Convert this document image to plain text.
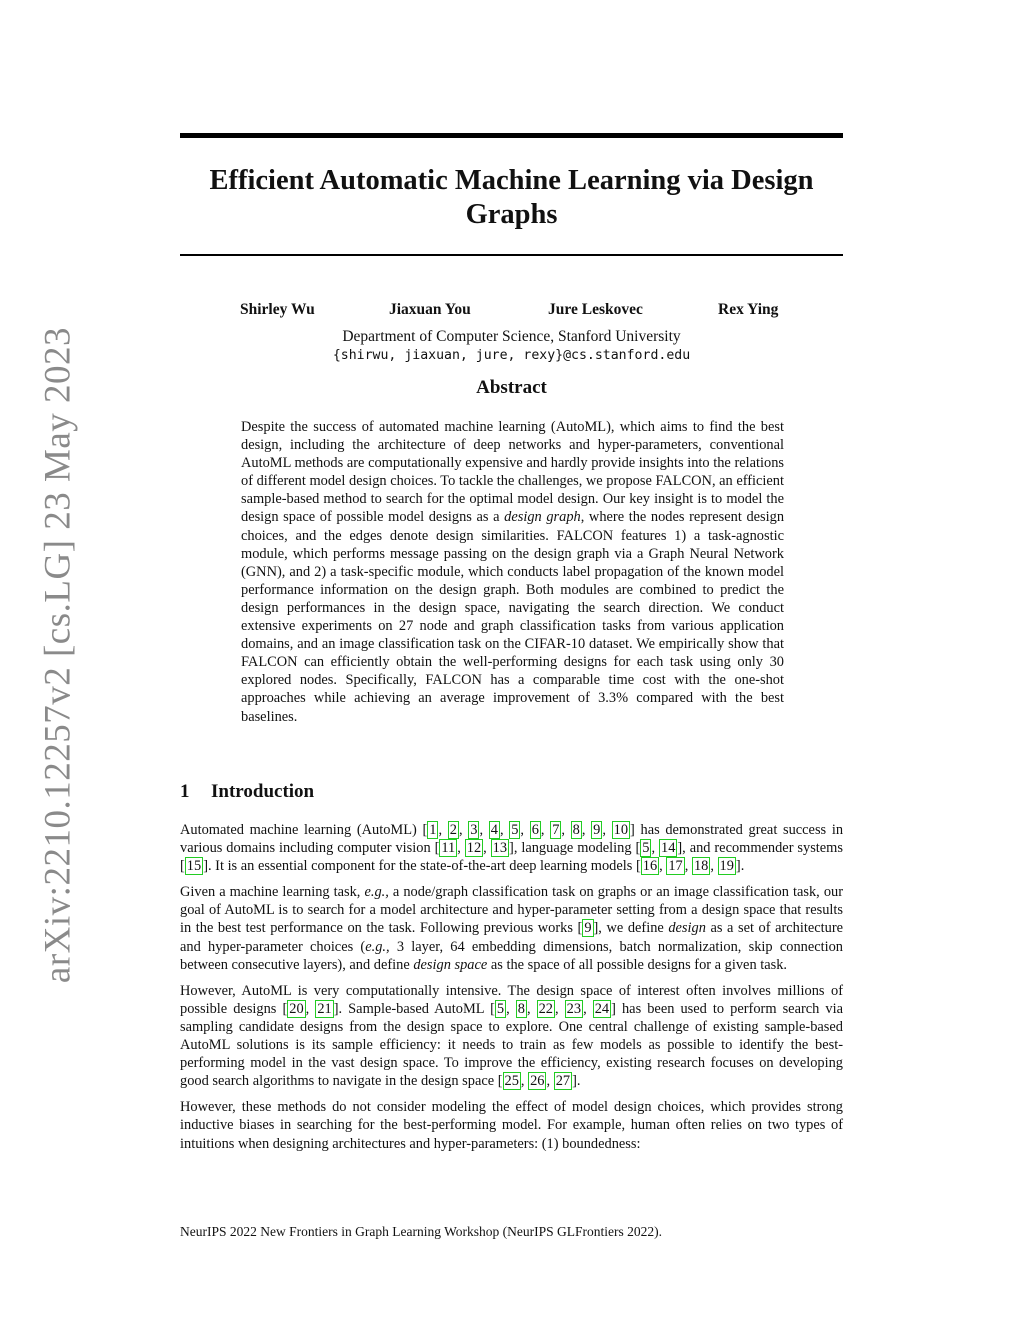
arXiv:2210.12257v2 [cs.LG] 23 May 2023
Efficient Automatic Machine Learning via Design
Graphs
Shirley Wu	Jiaxuan You	Jure Leskovec	Rex Ying
Department of Computer Science, Stanford University
{shirwu, jiaxuan, jure, rexy}@cs.stanford.edu
Abstract

Despite the success of automated machine learning (AutoML), which aims to find the best design, including the architecture of deep networks and hyper-parameters, conventional AutoML methods are computationally expensive and hardly provide insights into the relations of different model design choices. To tackle the challenges, we propose FALCON, an efficient sample-based method to search for the optimal model design. Our key insight is to model the design space of possible model designs as a design graph, where the nodes represent design choices, and the edges denote design similarities. FALCON features 1) a task-agnostic module, which performs message passing on the design graph via a Graph Neural Network (GNN), and 2) a task-specific module, which conducts label propagation of the known model performance information on the design graph. Both modules are combined to predict the design performances in the design space, navigating the search direction. We conduct extensive experiments on 27 node and graph classification tasks from various application domains, and an image classification task on the CIFAR-10 dataset. We empirically show that FALCON can efficiently obtain the well-performing designs for each task using only 30 explored nodes. Specifically, FALCON has a comparable time cost with the one-shot approaches while achieving an average improvement of 3.3% compared with the best baselines.

1 Introduction

Automated machine learning (AutoML) [ 1 , 2 , 3 , 4 , 5 , 6 , 7 , 8 , 9 , 10 ] has demonstrated great success in various domains including computer vision [ 11 , 12 , 13 ], language modeling [ 5 , 14 ], and recommender systems [ 15 ]. It is an essential component for the state-of-the-art deep learning models [ 16 , 17 , 18 , 19 ].

Given a machine learning task, e.g., a node/graph classification task on graphs or an image classification task, our goal of AutoML is to search for a model architecture and hyper-parameter setting from a design space that results in the best test performance on the task. Following previous works [ 9 ], we define design as a set of architecture and hyper-parameter choices (e.g., 3 layer, 64 embedding dimensions, batch normalization, skip connection between consecutive layers), and define design space as the space of all possible designs for a given task.

However, AutoML is very computationally intensive. The design space of interest often involves millions of possible designs [ 20 , 21 ]. Sample-based AutoML [ 5 , 8 , 22 , 23 , 24 ] has been used to perform search via sampling candidate designs from the design space to explore. One central challenge of existing sample-based AutoML solutions is its sample efficiency: it needs to train as few models as possible to identify the best-performing model in the vast design space. To improve the efficiency, existing research focuses on developing good search algorithms to navigate in the design space [ 25 , 26 , 27 ].

However, these methods do not consider modeling the effect of model design choices, which provides strong inductive biases in searching for the best-performing model. For example, human often relies on two types of intuitions when designing architectures and hyper-parameters: (1) boundedness:

NeurIPS 2022 New Frontiers in Graph Learning Workshop (NeurIPS GLFrontiers 2022).
